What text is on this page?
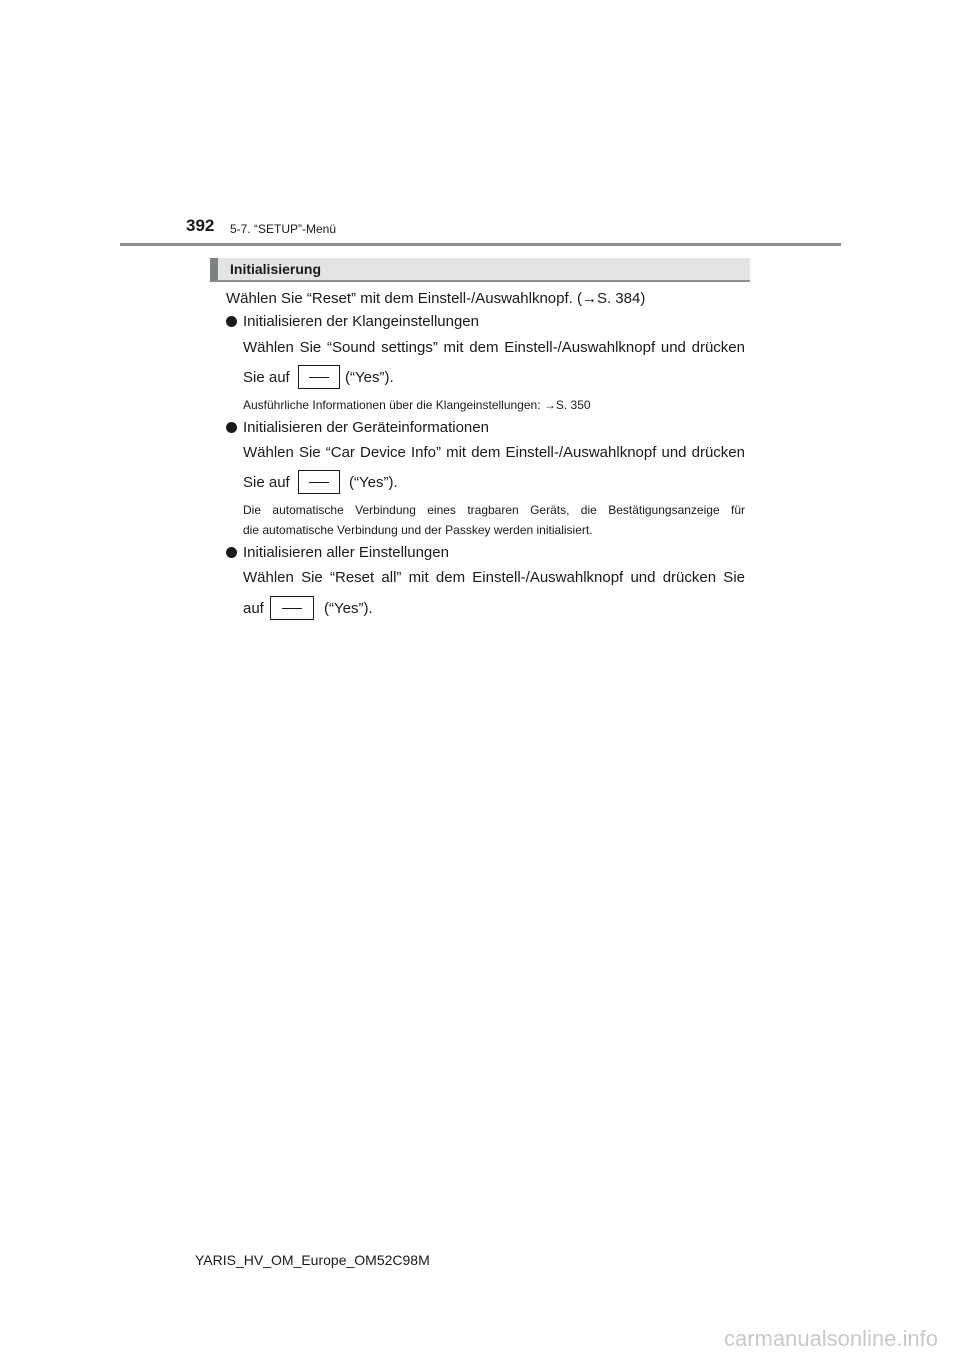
392 5-7. “SETUP”-Menü
Initialisierung
Wählen Sie “Reset” mit dem Einstell-/Auswahlknopf. (→S. 384)
Initialisieren der Klangeinstellungen
Wählen Sie “Sound settings” mit dem Einstell-/Auswahlknopf und drücken
Sie auf	(“Yes”).
Ausführliche Informationen über die Klangeinstellungen: →S. 350
Initialisieren der Geräteinformationen
Wählen Sie “Car Device Info” mit dem Einstell-/Auswahlknopf und drücken
Sie auf	(“Yes”).
Die automatische Verbindung eines tragbaren Geräts, die Bestätigungsanzeige für
die automatische Verbindung und der Passkey werden initialisiert.
Initialisieren aller Einstellungen
Wählen Sie “Reset all” mit dem Einstell-/Auswahlknopf und drücken Sie
auf	(“Yes”).
YARIS_HV_OM_Europe_OM52C98M
carmanualsonline.info
